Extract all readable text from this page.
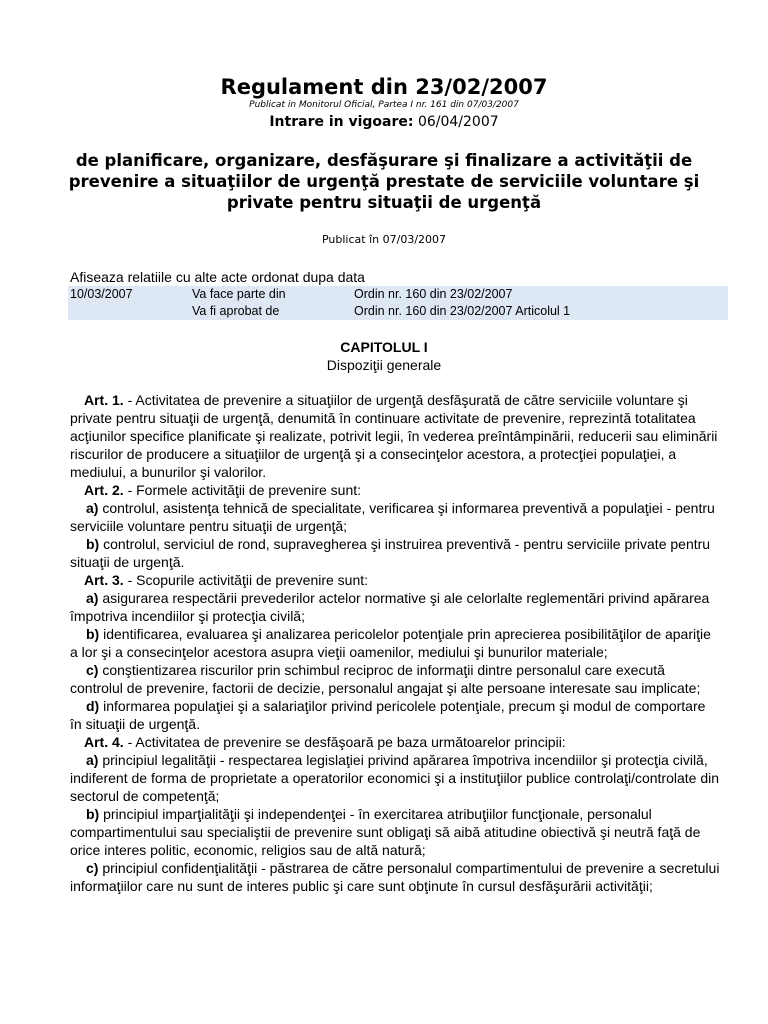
Regulament din 23/02/2007
Publicat in Monitorul Oficial, Partea I nr. 161 din 07/03/2007
Intrare in vigoare: 06/04/2007
de planificare, organizare, desfăşurare şi finalizare a activităţii de prevenire a situaţiilor de urgenţă prestate de serviciile voluntare şi private pentru situaţii de urgenţă
Publicat în 07/03/2007
Afiseaza relatiile cu alte acte ordonat dupa data
10/03/2007	Va face parte din	Ordin nr. 160 din 23/02/2007
	Va fi aprobat de	Ordin nr. 160 din 23/02/2007 Articolul 1
CAPITOLUL I
Dispoziţii generale

Art. 1. - Activitatea de prevenire a situaţiilor de urgenţă desfăşurată de către serviciile voluntare şi private pentru situaţii de urgenţă, denumită în continuare activitate de prevenire, reprezintă totalitatea acţiunilor specifice planificate şi realizate, potrivit legii, în vederea preîntâmpinării, reducerii sau eliminării riscurilor de producere a situaţiilor de urgenţă şi a consecinţelor acestora, a protecţiei populaţiei, a mediului, a bunurilor şi valorilor.

Art. 2. - Formele activităţii de prevenire sunt:

a) controlul, asistenţa tehnică de specialitate, verificarea şi informarea preventivă a populaţiei - pentru serviciile voluntare pentru situaţii de urgenţă;

b) controlul, serviciul de rond, supravegherea şi instruirea preventivă - pentru serviciile private pentru situaţii de urgenţă.

Art. 3. - Scopurile activităţii de prevenire sunt:

a) asigurarea respectării prevederilor actelor normative şi ale celorlalte reglementări privind apărarea împotriva incendiilor şi protecţia civilă;

b) identificarea, evaluarea şi analizarea pericolelor potenţiale prin aprecierea posibilităţilor de apariţie a lor şi a consecinţelor acestora asupra vieţii oamenilor, mediului şi bunurilor materiale;

c) conştientizarea riscurilor prin schimbul reciproc de informaţii dintre personalul care execută controlul de prevenire, factorii de decizie, personalul angajat şi alte persoane interesate sau implicate;

d) informarea populaţiei şi a salariaţilor privind pericolele potenţiale, precum şi modul de comportare în situaţii de urgenţă.

Art. 4. - Activitatea de prevenire se desfăşoară pe baza următoarelor principii:

a) principiul legalităţii - respectarea legislaţiei privind apărarea împotriva incendiilor şi protecţia civilă, indiferent de forma de proprietate a operatorilor economici şi a instituţiilor publice controlaţi/controlate din sectorul de competenţă;

b) principiul imparţialităţii şi independenţei - în exercitarea atribuţiilor funcţionale, personalul compartimentului sau specialiştii de prevenire sunt obligaţi să aibă atitudine obiectivă şi neutră faţă de orice interes politic, economic, religios sau de altă natură;

c) principiul confidenţialităţii - păstrarea de către personalul compartimentului de prevenire a secretului informaţiilor care nu sunt de interes public şi care sunt obţinute în cursul desfăşurării activităţii;
